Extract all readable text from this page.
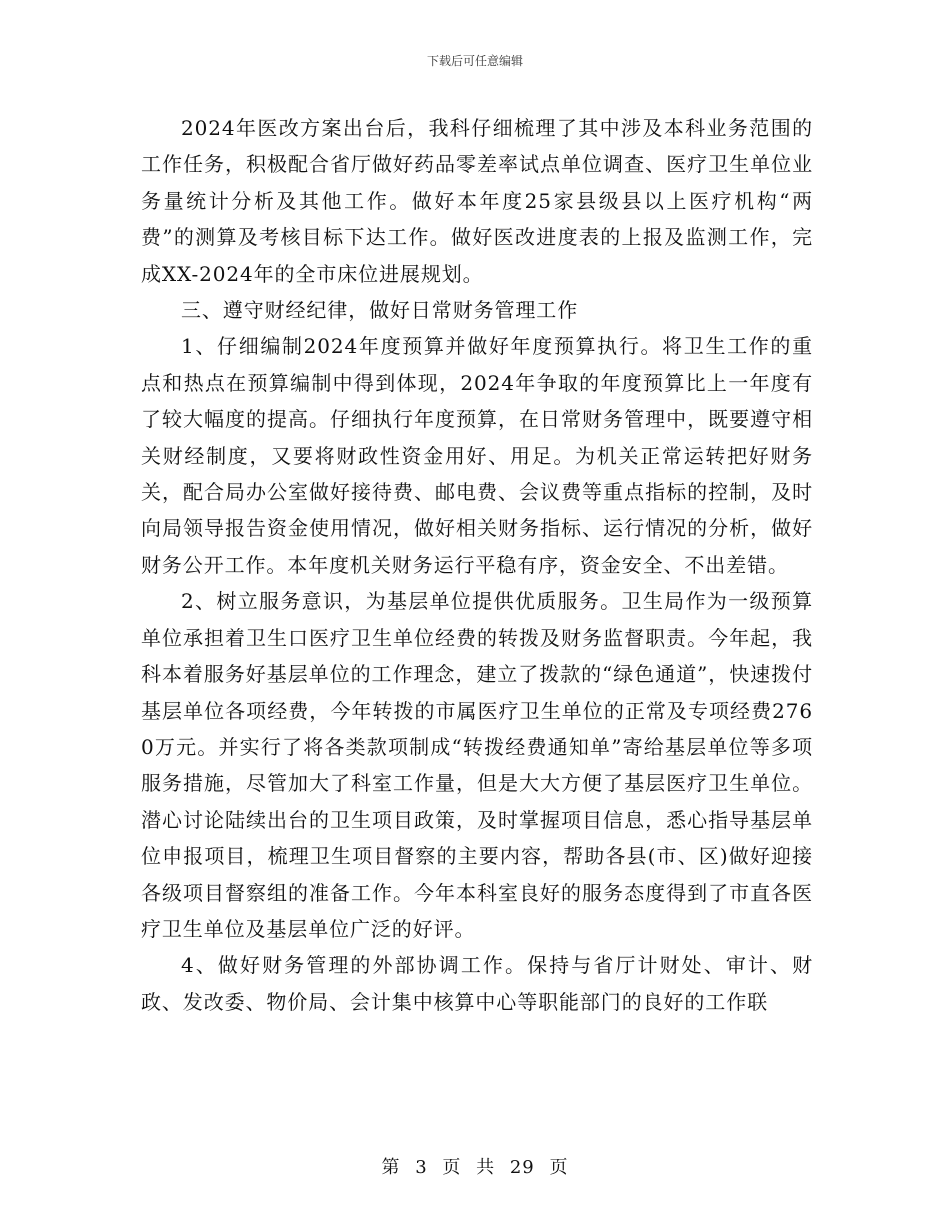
下载后可任意编辑

2024年医改方案出台后，我科仔细梳理了其中涉及本科业务范围的工作任务，积极配合省厅做好药品零差率试点单位调查、医疗卫生单位业务量统计分析及其他工作。做好本年度25家县级县以上医疗机构“两费”的测算及考核目标下达工作。做好医改进度表的上报及监测工作，完成XX-2024年的全市床位进展规划。

三、遵守财经纪律，做好日常财务管理工作

1、仔细编制2024年度预算并做好年度预算执行。将卫生工作的重点和热点在预算编制中得到体现，2024年争取的年度预算比上一年度有了较大幅度的提高。仔细执行年度预算，在日常财务管理中，既要遵守相关财经制度，又要将财政性资金用好、用足。为机关正常运转把好财务关，配合局办公室做好接待费、邮电费、会议费等重点指标的控制，及时向局领导报告资金使用情况，做好相关财务指标、运行情况的分析，做好财务公开工作。本年度机关财务运行平稳有序，资金安全、不出差错。

2、树立服务意识，为基层单位提供优质服务。卫生局作为一级预算单位承担着卫生口医疗卫生单位经费的转拨及财务监督职责。今年起，我科本着服务好基层单位的工作理念，建立了拨款的“绿色通道”，快速拨付基层单位各项经费，今年转拨的市属医疗卫生单位的正常及专项经费2760万元。并实行了将各类款项制成“转拨经费通知单”寄给基层单位等多项服务措施，尽管加大了科室工作量，但是大大方便了基层医疗卫生单位。潜心讨论陆续出台的卫生项目政策，及时掌握项目信息，悉心指导基层单位申报项目，梳理卫生项目督察的主要内容，帮助各县(市、区)做好迎接各级项目督察组的准备工作。今年本科室良好的服务态度得到了市直各医疗卫生单位及基层单位广泛的好评。

4、做好财务管理的外部协调工作。保持与省厅计财处、审计、财政、发改委、物价局、会计集中核算中心等职能部门的良好的工作联

第 3 页 共 29 页
